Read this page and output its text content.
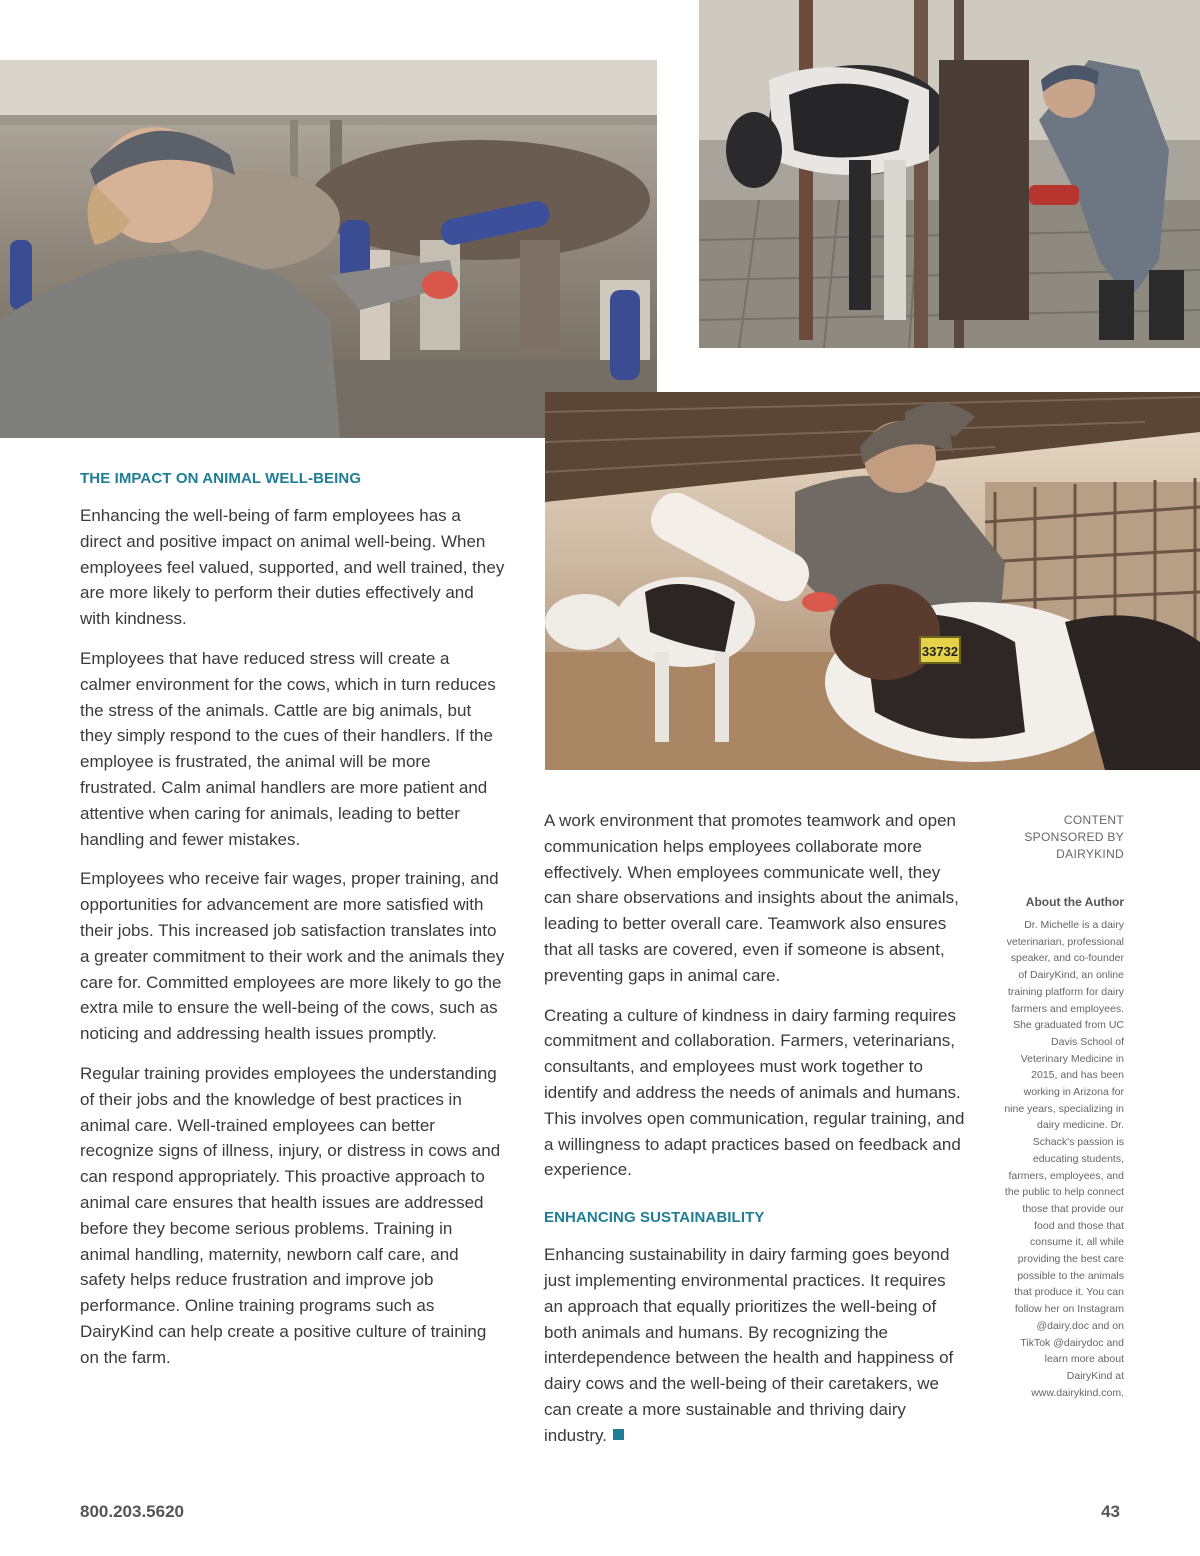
33732
THE IMPACT ON ANIMAL WELL-BEING

Enhancing the well-being of farm employees has a direct and positive impact on animal well-being. When employees feel valued, supported, and well trained, they are more likely to perform their duties effectively and with kindness.

Employees that have reduced stress will create a calmer environment for the cows, which in turn reduces the stress of the animals. Cattle are big animals, but they simply respond to the cues of their handlers. If the employee is frustrated, the animal will be more frustrated. Calm animal handlers are more patient and attentive when caring for animals, leading to better handling and fewer mistakes.

Employees who receive fair wages, proper training, and opportunities for advancement are more satisfied with their jobs. This increased job satisfaction translates into a greater commitment to their work and the animals they care for. Committed employees are more likely to go the extra mile to ensure the well-being of the cows, such as noticing and addressing health issues promptly.

Regular training provides employees the understanding of their jobs and the knowledge of best practices in animal care. Well-trained employees can better recognize signs of illness, injury, or distress in cows and can respond appropriately. This proactive approach to animal care ensures that health issues are addressed before they become serious problems. Training in animal handling, maternity, newborn calf care, and safety helps reduce frustration and improve job performance. Online training programs such as DairyKind can help create a positive culture of training on the farm.

A work environment that promotes teamwork and open communication helps employees collaborate more effectively. When employees communicate well, they can share observations and insights about the animals, leading to better overall care. Teamwork also ensures that all tasks are covered, even if someone is absent, preventing gaps in animal care.

Creating a culture of kindness in dairy farming requires commitment and collaboration. Farmers, veterinarians, consultants, and employees must work together to identify and address the needs of animals and humans. This involves open communication, regular training, and a willingness to adapt practices based on feedback and experience.

ENHANCING SUSTAINABILITY

Enhancing sustainability in dairy farming goes beyond just implementing environmental practices. It requires an approach that equally prioritizes the well-being of both animals and humans. By recognizing the interdependence between the health and happiness of dairy cows and the well-being of their caretakers, we can create a more sustainable and thriving dairy industry.

CONTENT
SPONSORED BY
DAIRYKIND
About the Author
Dr. Michelle is a dairy veterinarian, professional speaker, and co-founder of DairyKind, an online training platform for dairy farmers and employees. She graduated from UC Davis School of Veterinary Medicine in 2015, and has been working in Arizona for nine years, specializing in dairy medicine. Dr. Schack's passion is educating students, farmers, employees, and the public to help connect those that provide our food and those that consume it, all while providing the best care possible to the animals that produce it. You can follow her on Instagram @dairy.doc and on TikTok @dairydoc and learn more about DairyKind at www.dairykind.com.
800.203.5620	43
